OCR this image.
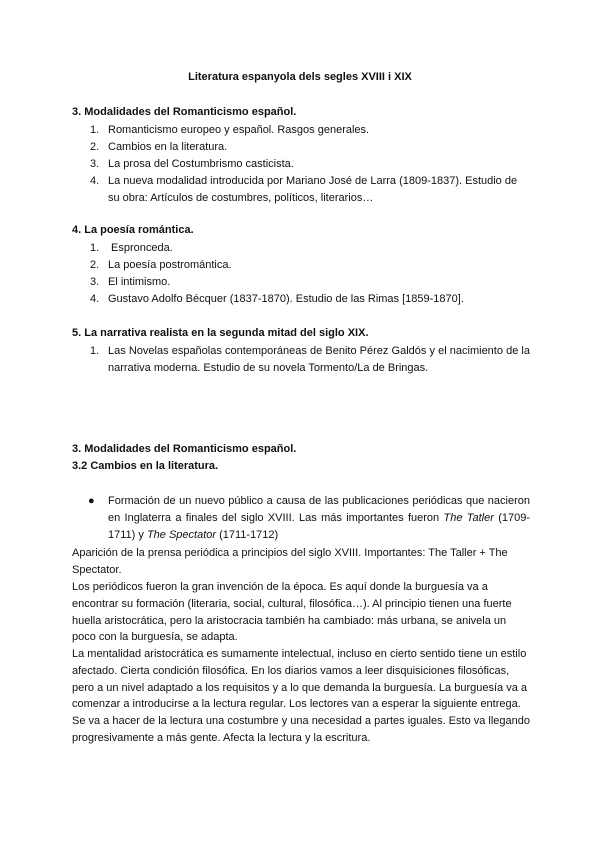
Literatura espanyola dels segles XVIII i XIX
3. Modalidades del Romanticismo español.
1. Romanticismo europeo y español. Rasgos generales.
2. Cambios en la literatura.
3. La prosa del Costumbrismo casticista.
4. La nueva modalidad introducida por Mariano José de Larra (1809-1837). Estudio de su obra: Artículos de costumbres, políticos, literarios…
4. La poesía romántica.
1.	Espronceda.
2. La poesía postromántica.
3. El intimismo.
4. Gustavo Adolfo Bécquer (1837-1870). Estudio de las Rimas [1859-1870].
5. La narrativa realista en la segunda mitad del siglo XIX.
1. Las Novelas españolas contemporáneas de Benito Pérez Galdós y el nacimiento de la narrativa moderna. Estudio de su novela Tormento/La de Bringas.
3. Modalidades del Romanticismo español.
3.2 Cambios en la literatura.
●	Formación de un nuevo público a causa de las publicaciones periódicas que nacieron en Inglaterra a finales del siglo XVIII. Las más importantes fueron The Tatler (1709-1711) y The Spectator (1711-1712)
Aparición de la prensa periódica a principios del siglo XVIII. Importantes: The Taller + The Spectator.
Los periódicos fueron la gran invención de la época. Es aquí donde la burguesía va a encontrar su formación (literaria, social, cultural, filosófica…). Al principio tienen una fuerte huella aristocrática, pero la aristocracia también ha cambiado: más urbana, se anivela un poco con la burguesía, se adapta.
La mentalidad aristocrática es sumamente intelectual, incluso en cierto sentido tiene un estilo afectado. Cierta condición filosófica. En los diarios vamos a leer disquisiciones filosóficas, pero a un nivel adaptado a los requisitos y a lo que demanda la burguesía. La burguesía va a comenzar a introducirse a la lectura regular. Los lectores van a esperar la siguiente entrega. Se va a hacer de la lectura una costumbre y una necesidad a partes iguales. Esto va llegando progresivamente a más gente. Afecta la lectura y la escritura.
